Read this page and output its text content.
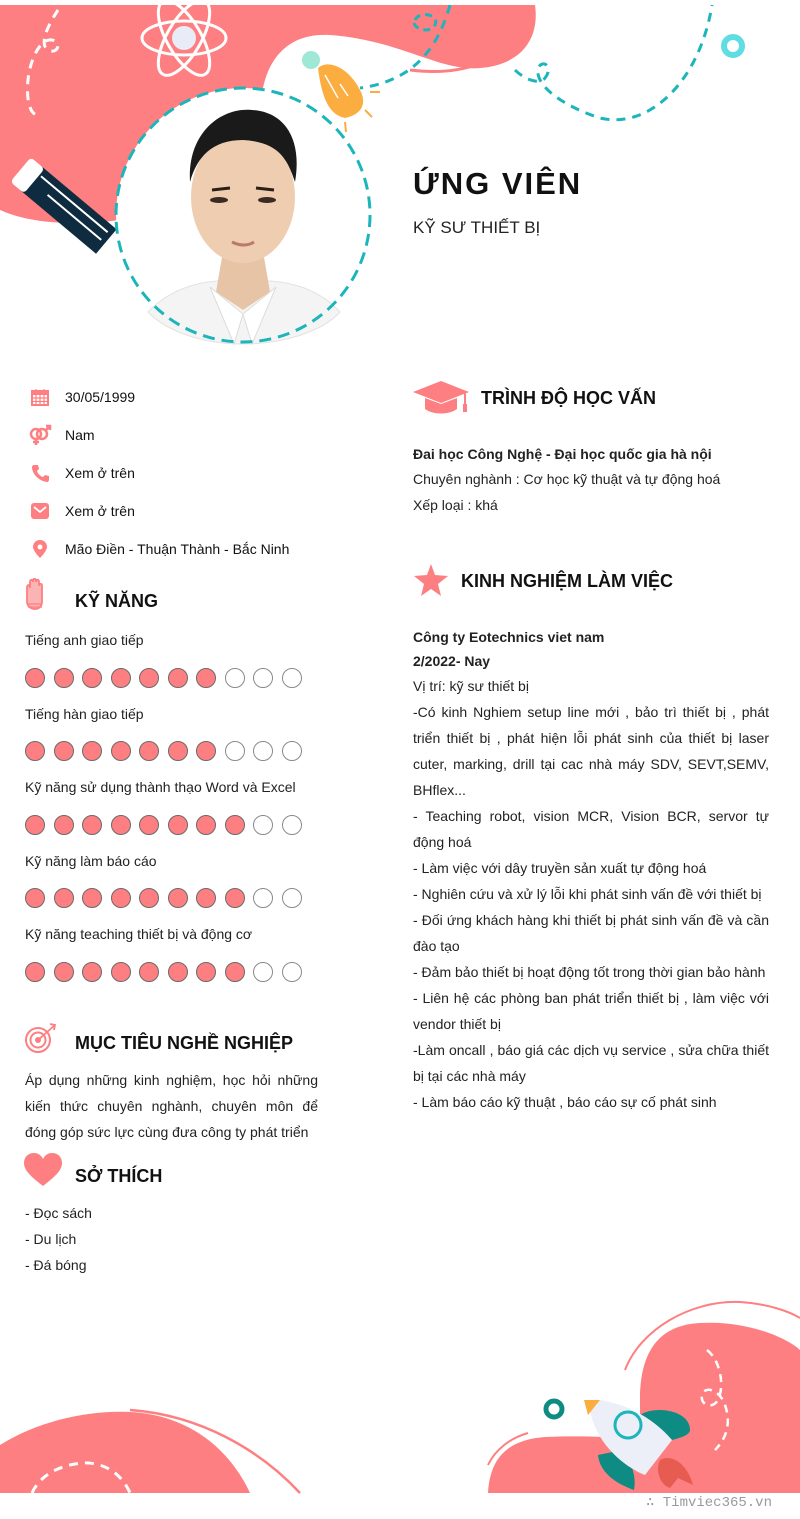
ỨNG VIÊN
KỸ SƯ THIẾT BỊ
30/05/1999
Nam
Xem ở trên
Xem ở trên
Mão Điền - Thuận Thành - Bắc Ninh
KỸ NĂNG
Tiếng anh giao tiếp
Tiếng hàn giao tiếp
Kỹ năng sử dụng thành thạo Word và Excel
Kỹ năng làm báo cáo
Kỹ năng teaching thiết bị và động cơ
MỤC TIÊU NGHỀ NGHIỆP
Áp dụng những kinh nghiệm, học hỏi những kiến thức chuyên nghành, chuyên môn để đóng góp sức lực cùng đưa công ty phát triển
SỞ THÍCH
- Đọc sách
- Du lịch
- Đá bóng
TRÌNH ĐỘ HỌC VẤN
Đai học Công Nghệ - Đại học quốc gia hà nội
Chuyên nghành : Cơ học kỹ thuật và tự động hoá
Xếp loại : khá
KINH NGHIỆM LÀM VIỆC
Công ty Eotechnics viet nam
2/2022- Nay
Vị trí: kỹ sư thiết bị
-Có kinh Nghiem setup line mới , bảo trì thiết bị , phát triển thiết bị , phát hiện lỗi phát sinh của thiết bị laser cuter, marking, drill tại cac nhà máy SDV, SEVT,SEMV, BHflex...
- Teaching robot, vision MCR, Vision BCR, servor tự động hoá
- Làm việc với dây truyền sản xuất tự động hoá
- Nghiên cứu và xử lý lỗi khi phát sinh vấn đề với thiết bị
- Đối ứng khách hàng khi thiết bị phát sinh vấn đề và cần đào tạo
- Đảm bảo thiết bị hoạt động tốt trong thời gian bảo hành
- Liên hệ các phòng ban phát triển thiết bị , làm việc với vendor thiết bị
-Làm oncall , báo giá các dịch vụ service , sửa chữa thiết bị tại các nhà máy
- Làm báo cáo kỹ thuật , báo cáo sự cố phát sinh
∴ Timviec365.vn
